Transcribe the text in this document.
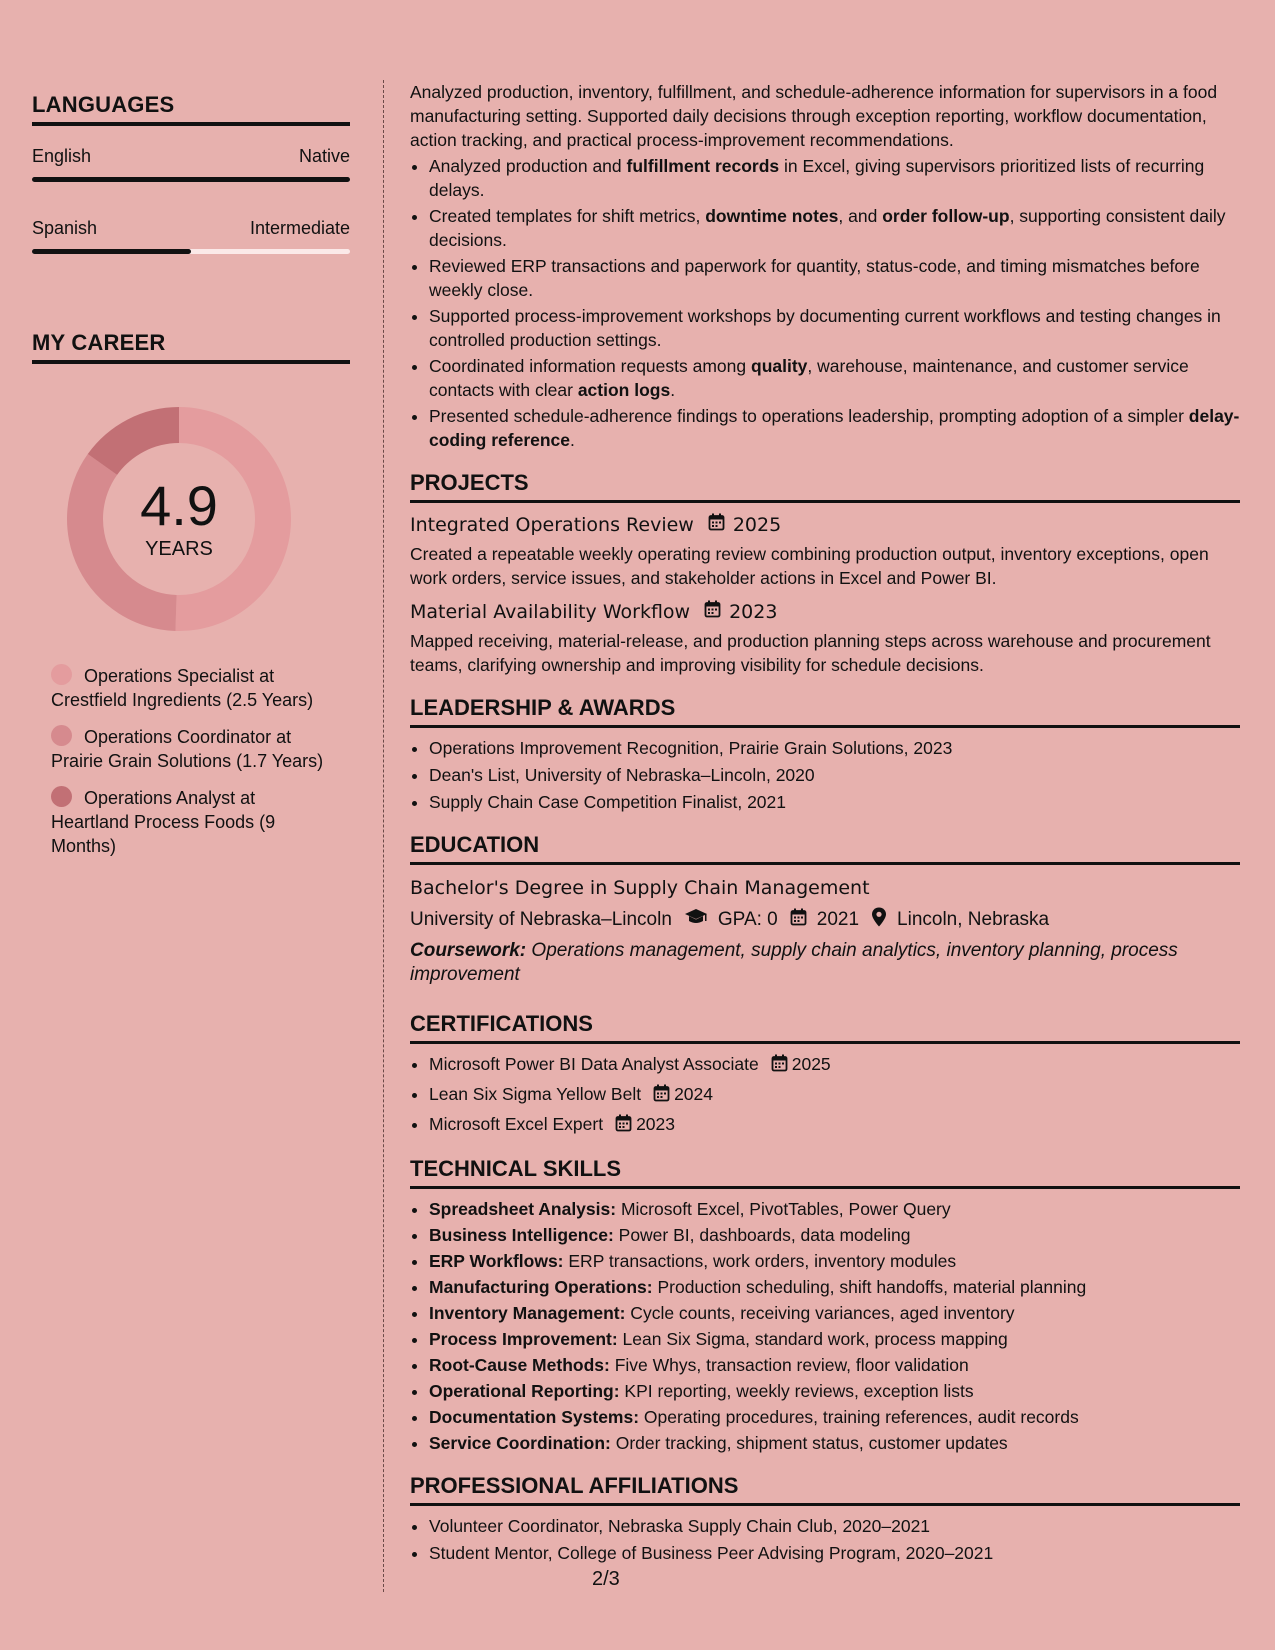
LANGUAGES
English	Native
Spanish	Intermediate
MY CAREER
4.9
YEARS
Operations Specialist at Crestfield Ingredients (2.5 Years)
Operations Coordinator at Prairie Grain Solutions (1.7 Years)
Operations Analyst at Heartland Process Foods (9 Months)

Analyzed production, inventory, fulfillment, and schedule-adherence information for supervisors in a food manufacturing setting. Supported daily decisions through exception reporting, workflow documentation, action tracking, and practical process-improvement recommendations.

• Analyzed production and fulfillment records in Excel, giving supervisors prioritized lists of recurring delays.
• Created templates for shift metrics, downtime notes, and order follow-up, supporting consistent daily decisions.
• Reviewed ERP transactions and paperwork for quantity, status-code, and timing mismatches before weekly close.
• Supported process-improvement workshops by documenting current workflows and testing changes in controlled production settings.
• Coordinated information requests among quality, warehouse, maintenance, and customer service contacts with clear action logs.
• Presented schedule-adherence findings to operations leadership, prompting adoption of a simpler delay-coding reference.
PROJECTS
Integrated Operations Review 2025
Created a repeatable weekly operating review combining production output, inventory exceptions, open work orders, service issues, and stakeholder actions in Excel and Power BI.
Material Availability Workflow 2023
Mapped receiving, material-release, and production planning steps across warehouse and procurement teams, clarifying ownership and improving visibility for schedule decisions.
LEADERSHIP & AWARDS
• Operations Improvement Recognition, Prairie Grain Solutions, 2023
• Dean's List, University of Nebraska–Lincoln, 2020
• Supply Chain Case Competition Finalist, 2021
EDUCATION
Bachelor's Degree in Supply Chain Management
University of Nebraska–Lincoln GPA: 0 2021 Lincoln, Nebraska
Coursework: Operations management, supply chain analytics, inventory planning, process improvement
CERTIFICATIONS
• Microsoft Power BI Data Analyst Associate 2025
• Lean Six Sigma Yellow Belt 2024
• Microsoft Excel Expert 2023
TECHNICAL SKILLS
• Spreadsheet Analysis: Microsoft Excel, PivotTables, Power Query
• Business Intelligence: Power BI, dashboards, data modeling
• ERP Workflows: ERP transactions, work orders, inventory modules
• Manufacturing Operations: Production scheduling, shift handoffs, material planning
• Inventory Management: Cycle counts, receiving variances, aged inventory
• Process Improvement: Lean Six Sigma, standard work, process mapping
• Root-Cause Methods: Five Whys, transaction review, floor validation
• Operational Reporting: KPI reporting, weekly reviews, exception lists
• Documentation Systems: Operating procedures, training references, audit records
• Service Coordination: Order tracking, shipment status, customer updates
PROFESSIONAL AFFILIATIONS
• Volunteer Coordinator, Nebraska Supply Chain Club, 2020–2021
• Student Mentor, College of Business Peer Advising Program, 2020–2021
2/3
